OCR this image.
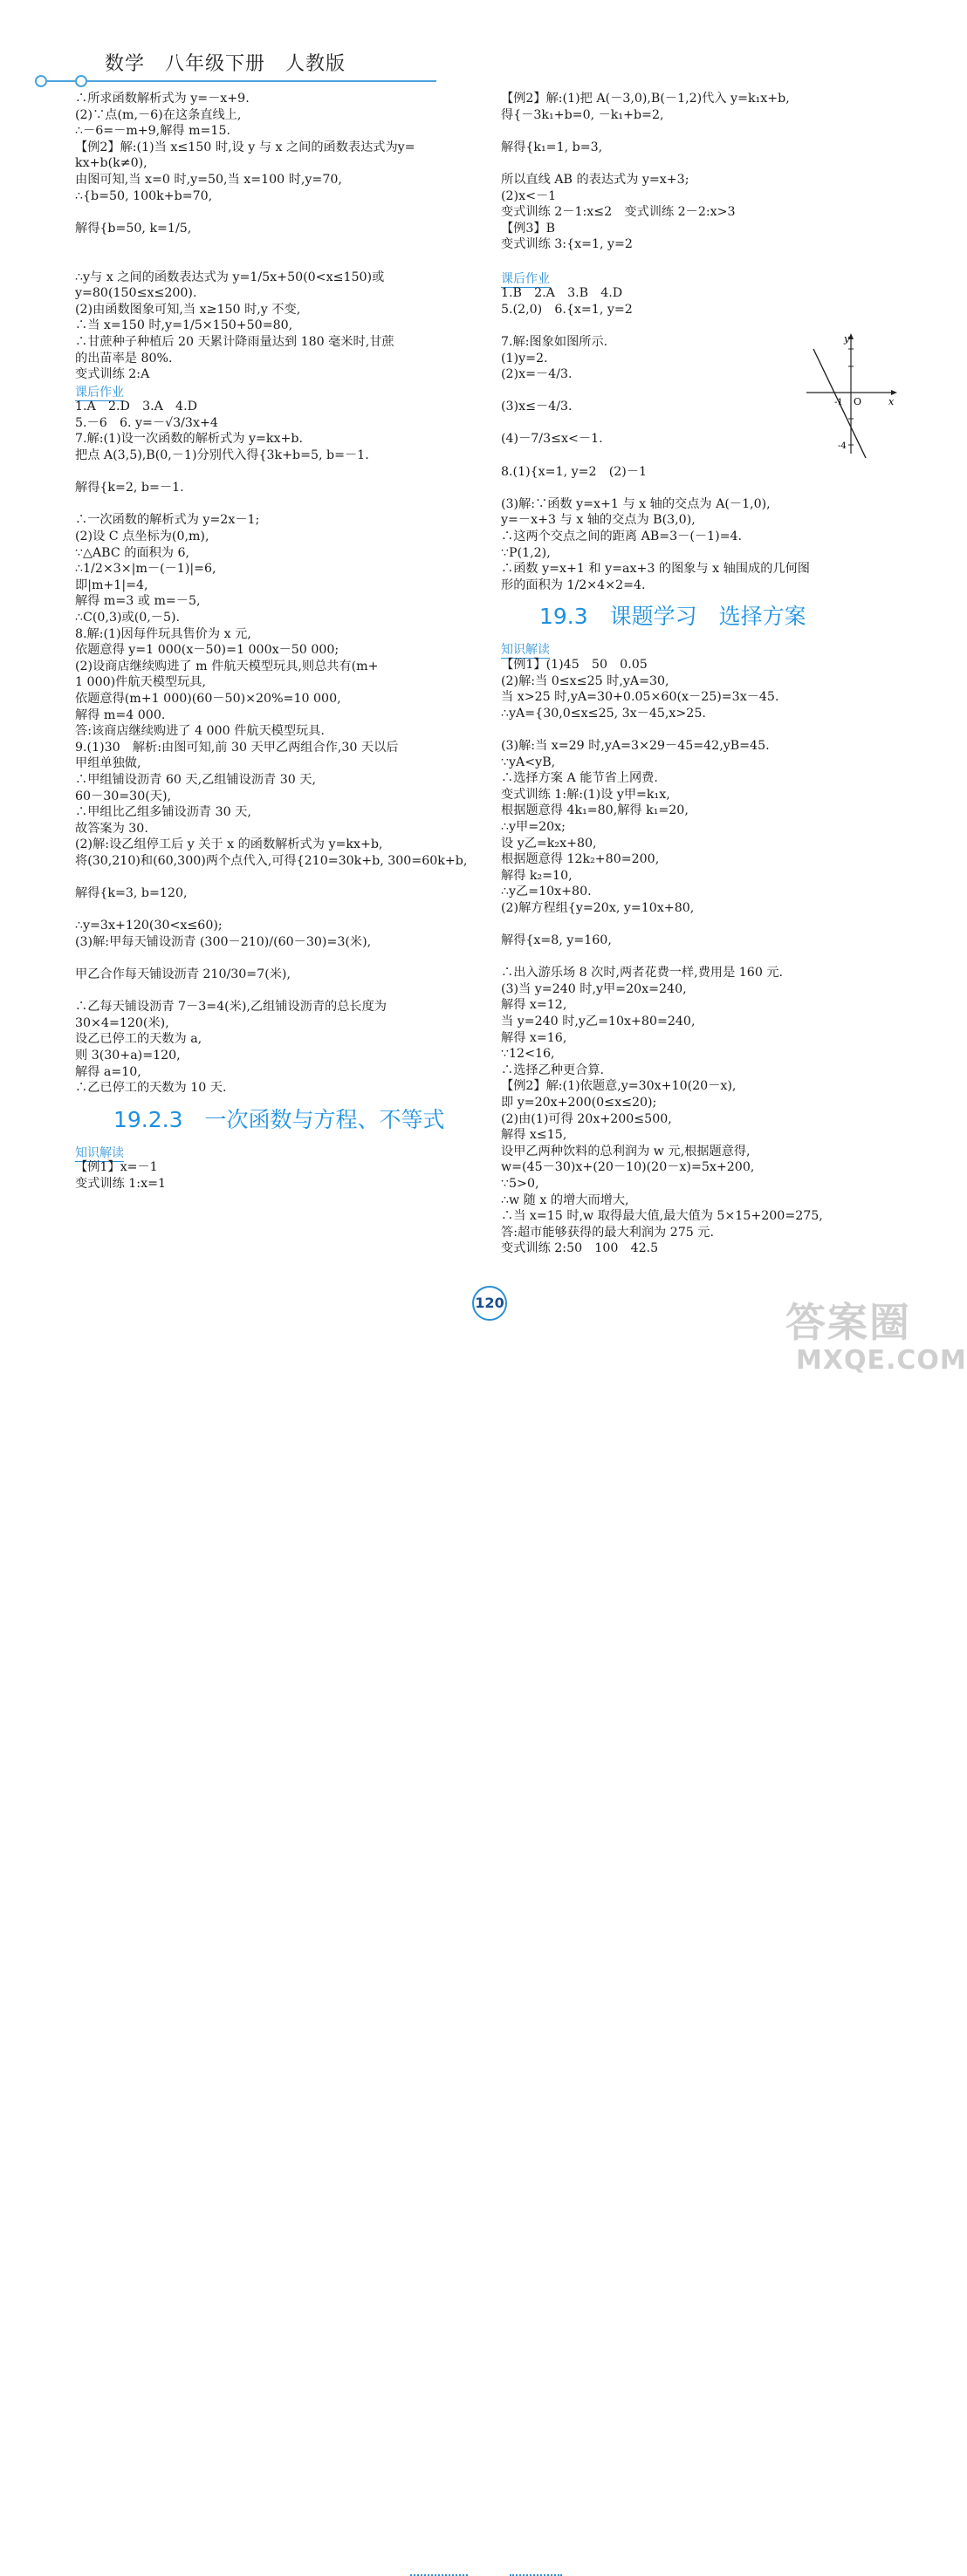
数学　八年级下册　人教版
∴所求函数解析式为 y=－x+9.
(2)∵点(m,－6)在这条直线上,
∴－6=－m+9,解得 m=15.
【例2】解:(1)当 x≤150 时,设 y 与 x 之间的函数表达式为y=
kx+b(k≠0),
由图可知,当 x=0 时,y=50,当 x=100 时,y=70,
∴{b=50, 100k+b=70,
解得{b=50, k=1/5,
∴y与 x 之间的函数表达式为 y=1/5x+50(0<x≤150)或
y=80(150≤x≤200).
(2)由函数图象可知,当 x≥150 时,y 不变,
∴当 x=150 时,y=1/5×150+50=80,
∴甘蔗种子种植后 20 天累计降雨量达到 180 毫米时,甘蔗
的出苗率是 80%.
变式训练 2:A
课后作业
1.A　2.D　3.A　4.D
5.－6　6. y=－√3/3x+4
7.解:(1)设一次函数的解析式为 y=kx+b.
把点 A(3,5),B(0,－1)分别代入得{3k+b=5, b=－1.
解得{k=2, b=－1.
∴一次函数的解析式为 y=2x－1;
(2)设 C 点坐标为(0,m),
∵△ABC 的面积为 6,
∴1/2×3×|m－(－1)|=6,
即|m+1|=4,
解得 m=3 或 m=－5,
∴C(0,3)或(0,－5).
8.解:(1)因每件玩具售价为 x 元,
依题意得 y=1 000(x－50)=1 000x－50 000;
(2)设商店继续购进了 m 件航天模型玩具,则总共有(m+
1 000)件航天模型玩具,
依题意得(m+1 000)(60－50)×20%=10 000,
解得 m=4 000.
答:该商店继续购进了 4 000 件航天模型玩具.
9.(1)30　解析:由图可知,前 30 天甲乙两组合作,30 天以后
甲组单独做,
∴甲组铺设沥青 60 天,乙组铺设沥青 30 天,
60－30=30(天),
∴甲组比乙组多铺设沥青 30 天,
故答案为 30.
(2)解:设乙组停工后 y 关于 x 的函数解析式为 y=kx+b,
将(30,210)和(60,300)两个点代入,可得{210=30k+b, 300=60k+b,
解得{k=3, b=120,
∴y=3x+120(30<x≤60);
(3)解:甲每天铺设沥青 (300－210)/(60－30)=3(米),
甲乙合作每天铺设沥青 210/30=7(米),
∴乙每天铺设沥青 7－3=4(米),乙组铺设沥青的总长度为
30×4=120(米),
设乙已停工的天数为 a,
则 3(30+a)=120,
解得 a=10,
∴乙已停工的天数为 10 天.
19.2.3　一次函数与方程、不等式
知识解读
【例1】x=－1
变式训练 1:x=1
【例2】解:(1)把 A(－3,0),B(－1,2)代入 y=k₁x+b,
得{－3k₁+b=0, －k₁+b=2,
解得{k₁=1, b=3,
所以直线 AB 的表达式为 y=x+3;
(2)x<－1
变式训练 2－1:x≤2　变式训练 2－2:x>3
【例3】B
变式训练 3:{x=1, y=2
课后作业
1.B　2.A　3.B　4.D
5.(2,0)　6.{x=1, y=2
7.解:图象如图所示.
(1)y=2.
(2)x=－4/3.
(3)x≤－4/3.
(4)－7/3≤x<－1.
8.(1){x=1, y=2　(2)－1
(3)解:∵函数 y=x+1 与 x 轴的交点为 A(－1,0),
y=－x+3 与 x 轴的交点为 B(3,0),
∴这两个交点之间的距离 AB=3－(－1)=4.
∵P(1,2),
∴函数 y=x+1 和 y=ax+3 的图象与 x 轴围成的几何图
形的面积为 1/2×4×2=4.
19.3　课题学习　选择方案
知识解读
【例1】(1)45　50　0.05
(2)解:当 0≤x≤25 时,yA=30,
当 x>25 时,yA=30+0.05×60(x－25)=3x－45.
∴yA={30,0≤x≤25, 3x－45,x>25.
(3)解:当 x=29 时,yA=3×29－45=42,yB=45.
∵yA<yB,
∴选择方案 A 能节省上网费.
变式训练 1:解:(1)设 y甲=k₁x,
根据题意得 4k₁=80,解得 k₁=20,
∴y甲=20x;
设 y乙=k₂x+80,
根据题意得 12k₂+80=200,
解得 k₂=10,
∴y乙=10x+80.
(2)解方程组{y=20x, y=10x+80,
解得{x=8, y=160,
∴出入游乐场 8 次时,两者花费一样,费用是 160 元.
(3)当 y=240 时,y甲=20x=240,
解得 x=12,
当 y=240 时,y乙=10x+80=240,
解得 x=16,
∵12<16,
∴选择乙种更合算.
【例2】解:(1)依题意,y=30x+10(20－x),
即 y=20x+200(0≤x≤20);
(2)由(1)可得 20x+200≤500,
解得 x≤15,
设甲乙两种饮料的总利润为 w 元,根据题意得,
w=(45－30)x+(20－10)(20－x)=5x+200,
∵5>0,
∴w 随 x 的增大而增大,
∴当 x=15 时,w 取得最大值,最大值为 5×15+200=275,
答:超市能够获得的最大利润为 275 元.
变式训练 2:50　100　42.5
y
x
O
-1
-4
120	答案圈
MXQE.COM
